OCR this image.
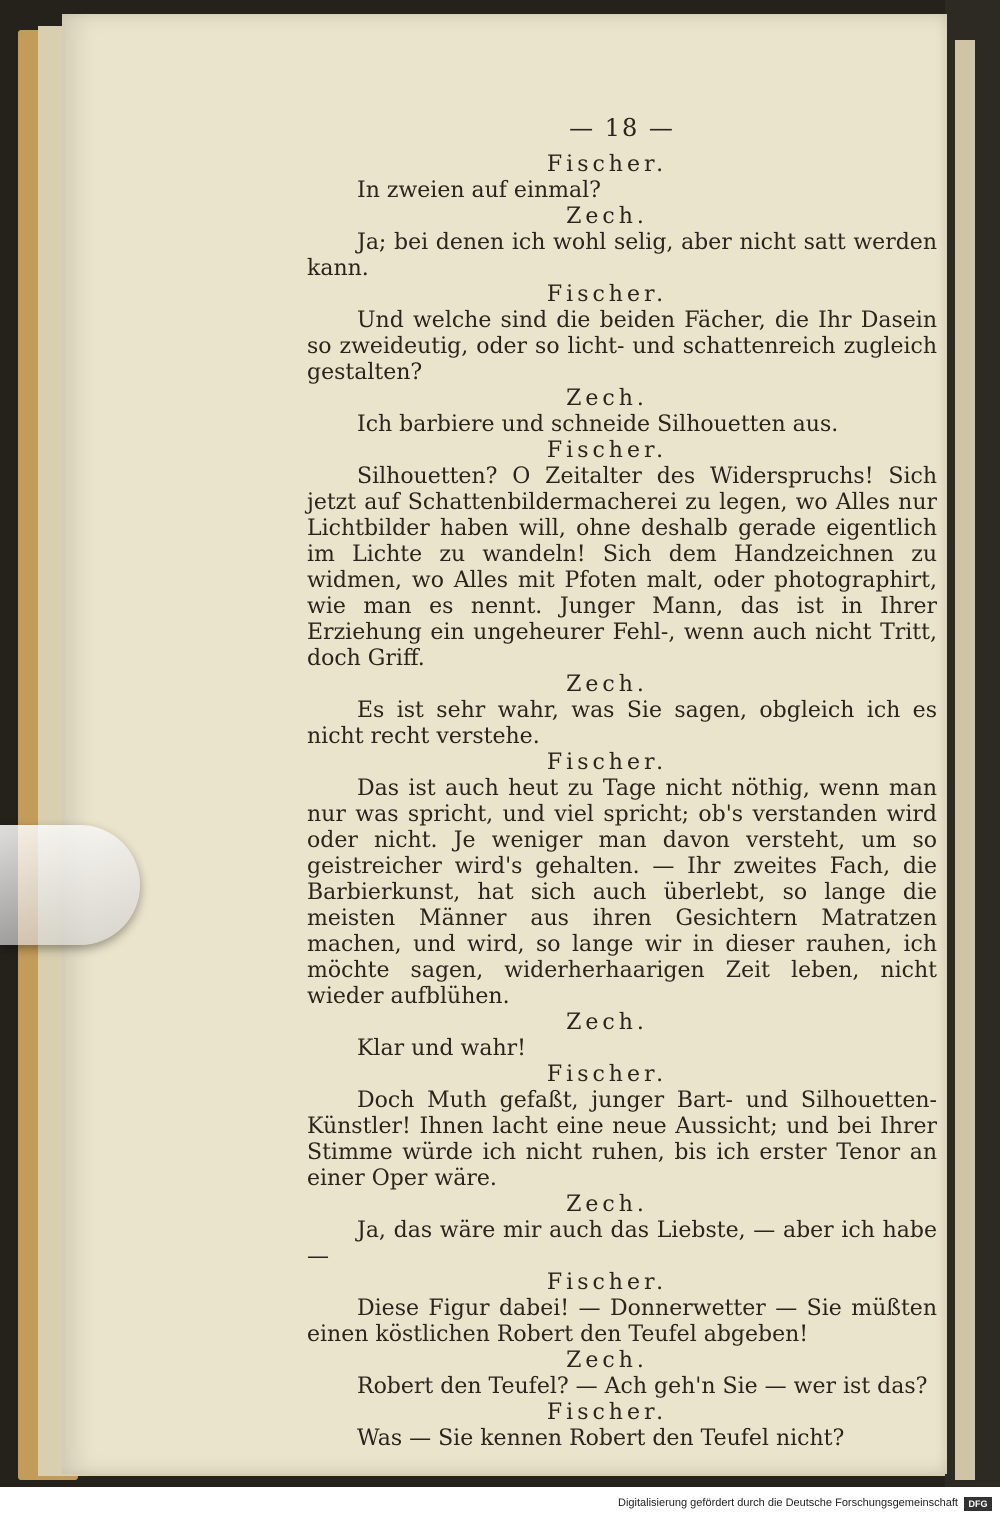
— 18 —
Fischer.

In zweien auf einmal?

Zech.

Ja; bei denen ich wohl selig, aber nicht satt werden kann.

Fischer.

Und welche sind die beiden Fächer, die Ihr Dasein so zweideutig, oder so licht- und schattenreich zugleich gestalten?

Zech.

Ich barbiere und schneide Silhouetten aus.

Fischer.

Silhouetten? O Zeitalter des Widerspruchs! Sich jetzt auf Schattenbildermacherei zu legen, wo Alles nur Lichtbilder haben will, ohne deshalb gerade eigentlich im Lichte zu wandeln! Sich dem Handzeichnen zu widmen, wo Alles mit Pfoten malt, oder photographirt, wie man es nennt. Junger Mann, das ist in Ihrer Erziehung ein ungeheurer Fehl-, wenn auch nicht Tritt, doch Griff.

Zech.

Es ist sehr wahr, was Sie sagen, obgleich ich es nicht recht verstehe.

Fischer.

Das ist auch heut zu Tage nicht nöthig, wenn man nur was spricht, und viel spricht; ob's verstanden wird oder nicht. Je weniger man davon versteht, um so geistreicher wird's gehalten. — Ihr zweites Fach, die Barbierkunst, hat sich auch überlebt, so lange die meisten Männer aus ihren Gesichtern Matratzen machen, und wird, so lange wir in dieser rauhen, ich möchte sagen, widerherhaarigen Zeit leben, nicht wieder aufblühen.

Zech.

Klar und wahr!

Fischer.

Doch Muth gefaßt, junger Bart- und Silhouetten-Künstler! Ihnen lacht eine neue Aussicht; und bei Ihrer Stimme würde ich nicht ruhen, bis ich erster Tenor an einer Oper wäre.

Zech.

Ja, das wäre mir auch das Liebste, — aber ich habe—

Fischer.

Diese Figur dabei! — Donnerwetter — Sie müßten einen köstlichen Robert den Teufel abgeben!

Zech.

Robert den Teufel? — Ach geh'n Sie — wer ist das?

Fischer.

Was — Sie kennen Robert den Teufel nicht?

Digitalisierung gefördert durch die Deutsche Forschungsgemeinschaft	DFG
